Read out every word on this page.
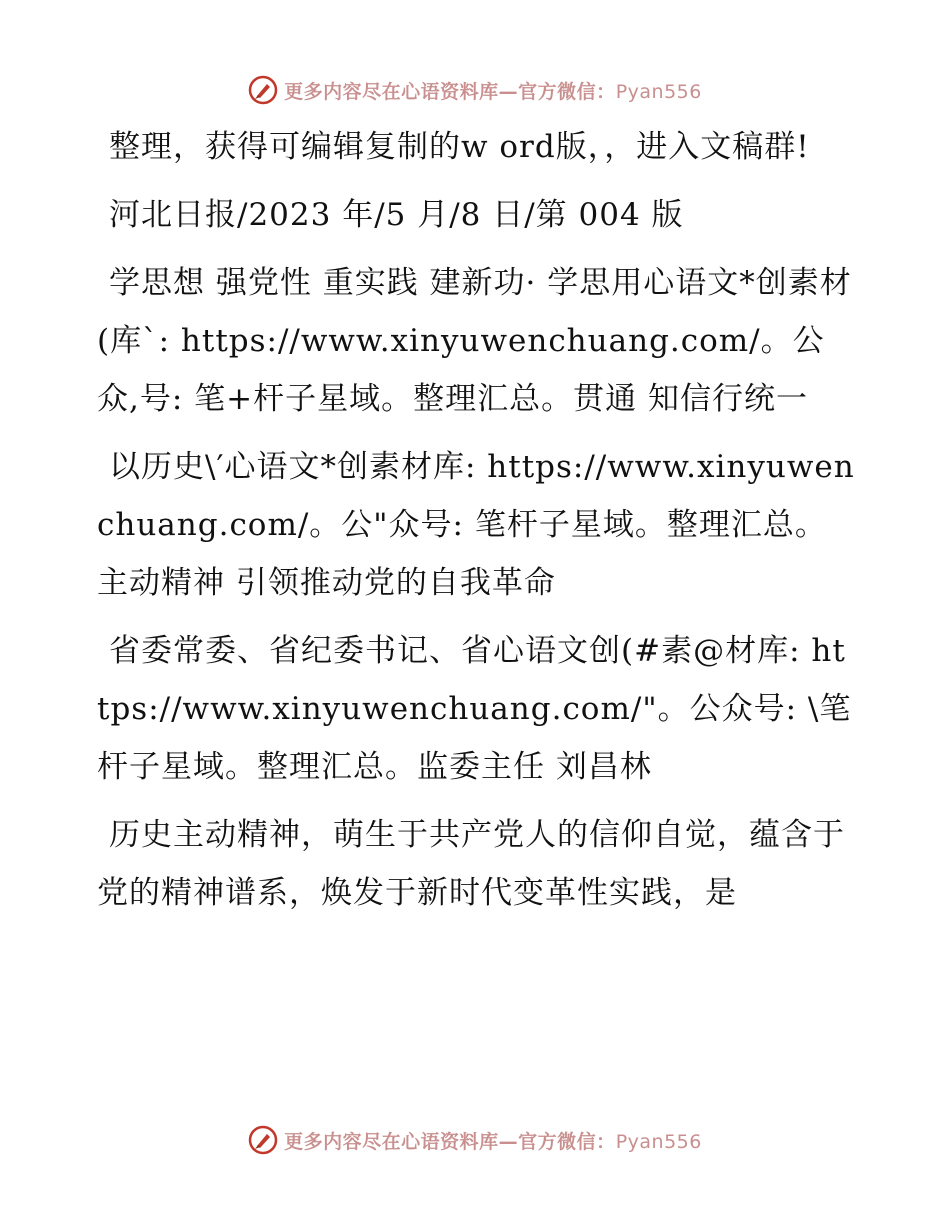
更多内容尽在心语资料库—官方微信：Pyan556

整理，获得可编辑复制的w ord版，，进入文稿群!

河北日报/2023 年/5 月/8 日/第 004 版

学思想 强党性 重实践 建新功· 学思用心语文*创素材(库`: https://www.xinyuwenchuang.com/。公众,号: 笔+杆子星域。整理汇总。贯通 知信行统一

以历史\′心语文*创素材库: https://www.xinyuwenchuang.com/。公"众号: 笔杆子星域。整理汇总。主动精神 引领推动党的自我革命

省委常委、省纪委书记、省心语文创(#素@材库: https://www.xinyuwenchuang.com/"。公众号: \笔杆子星域。整理汇总。监委主任 刘昌林

历史主动精神，萌生于共产党人的信仰自觉，蕴含于党的精神谱系，焕发于新时代变革性实践，是

更多内容尽在心语资料库—官方微信：Pyan556
